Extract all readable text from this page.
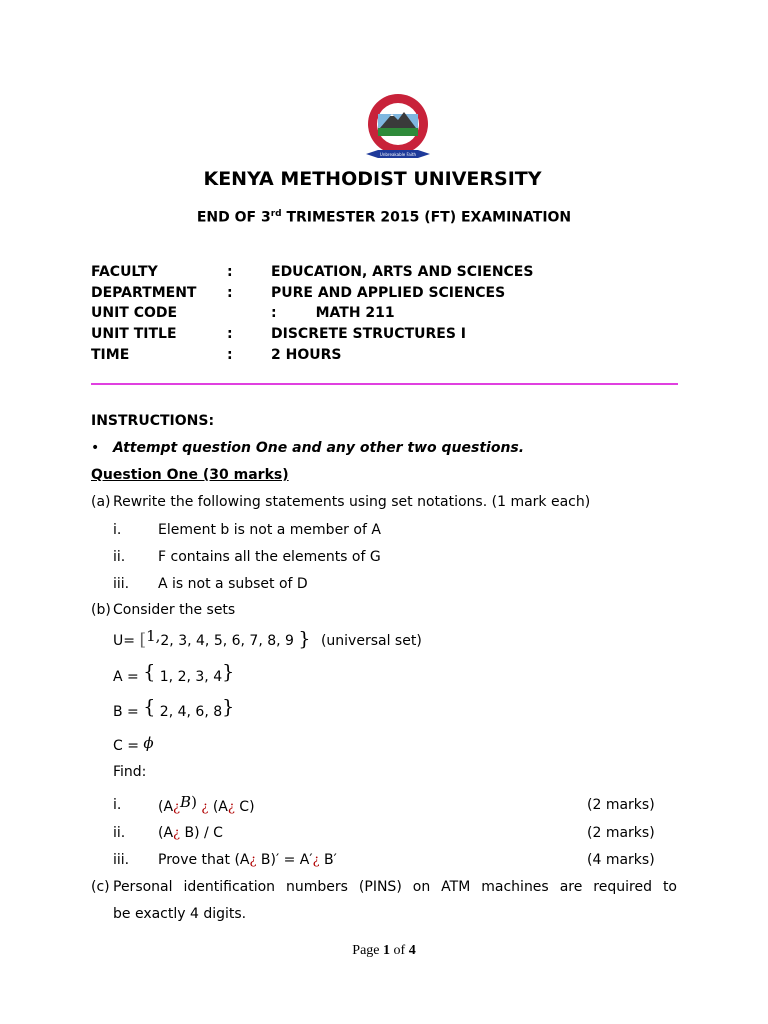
Unbreakable Faith
KENYA METHODIST UNIVERSITY
END OF 3rd TRIMESTER 2015 (FT) EXAMINATION
FACULTY	:	EDUCATION, ARTS AND SCIENCES
DEPARTMENT :	PURE AND APPLIED SCIENCES
UNIT CODE	:        MATH 211
UNIT TITLE	:	DISCRETE STRUCTURES I
TIME	:	2 HOURS
INSTRUCTIONS:
• Attempt question One and any other two questions.
Question One (30 marks)
(a) Rewrite the following statements using set notations. (1 mark each)
i.	Element b is not a member of A
ii. F contains all the elements of G
iii. A is not a subset of D
(b) Consider the sets
U= [1,2, 3, 4, 5, 6, 7, 8, 9 } (universal set)
A = { 1, 2, 3, 4}
B = { 2, 4, 6, 8}
C = ϕ
Find:
i.	(A¿B) ¿ (A¿ C)	(2 marks)
ii. (A¿ B) / C	(2 marks)
iii. Prove that (A¿ B)′ = A′¿ B′	(4 marks)
(c) Personal identification numbers (PINS) on ATM machines are required to
be exactly 4 digits.
Page 1 of 4
